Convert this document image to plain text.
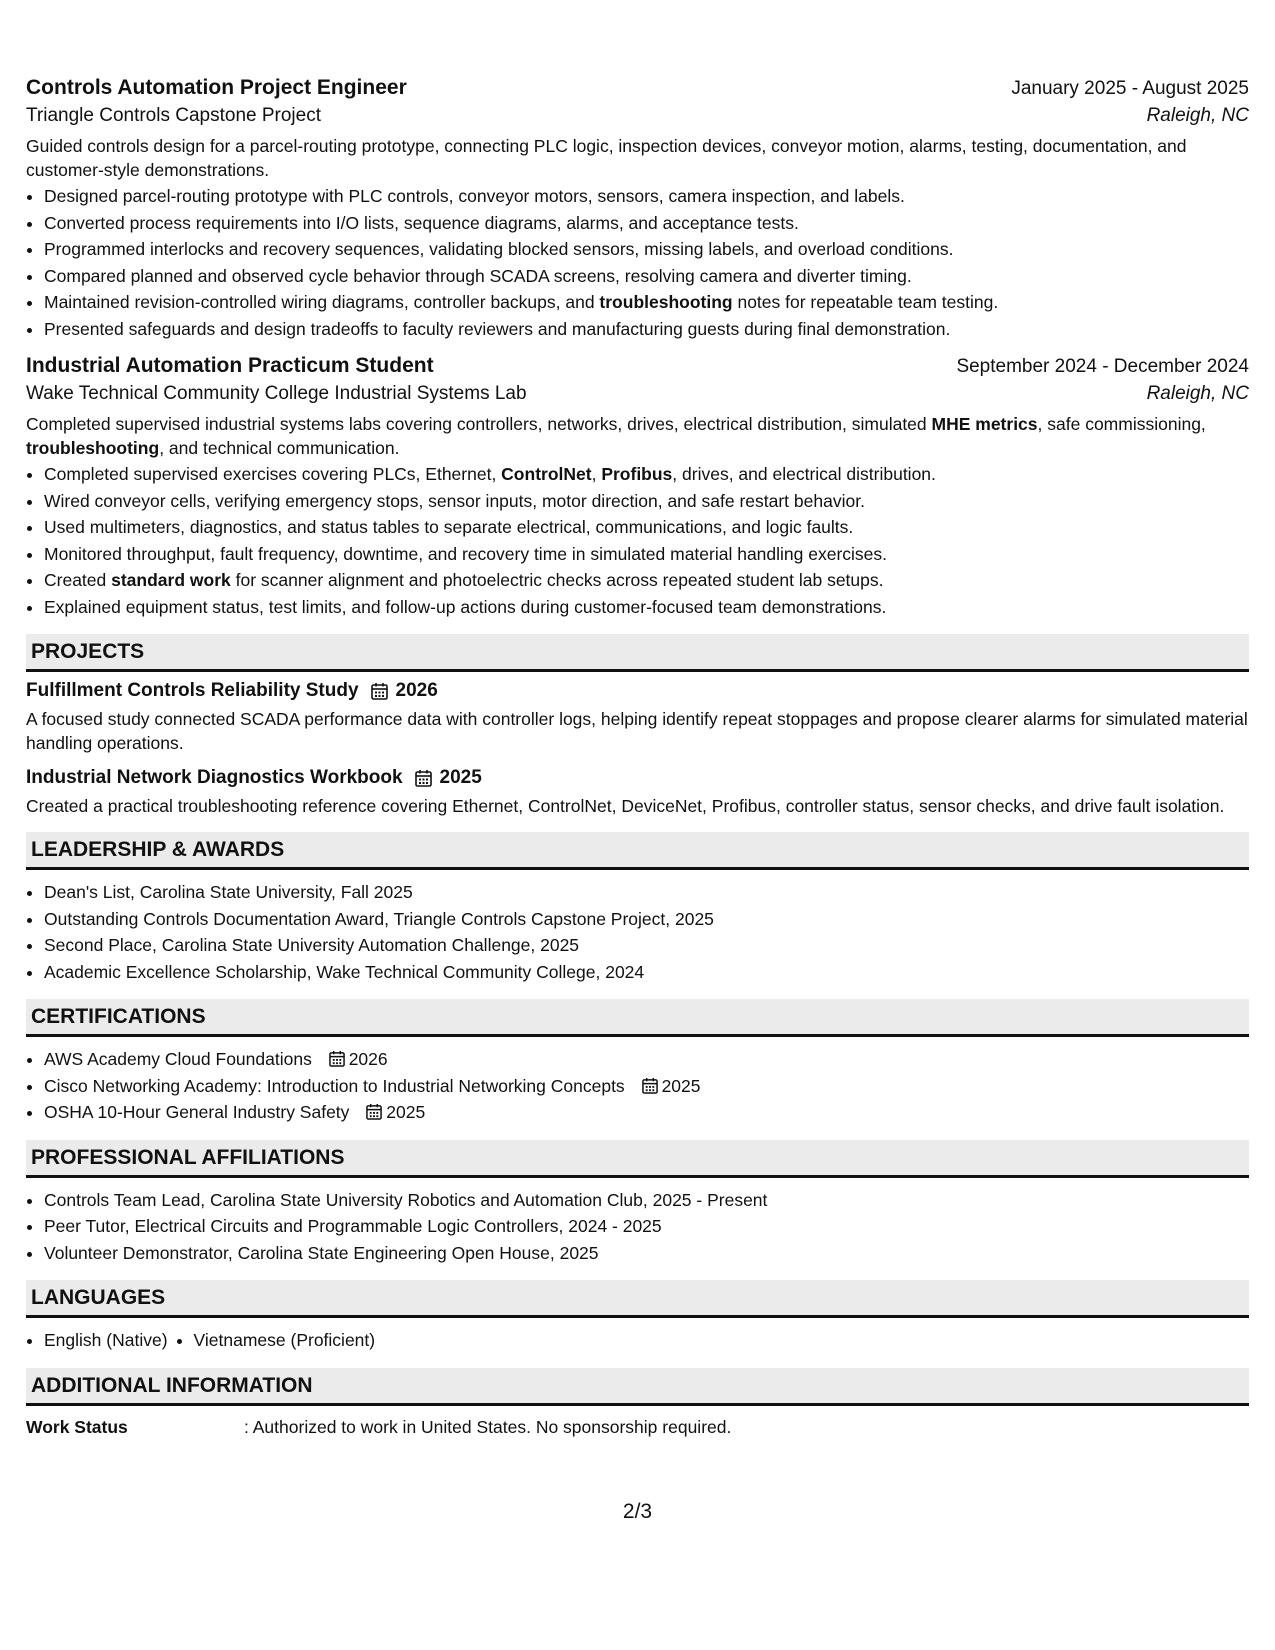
Controls Automation Project Engineer	January 2025 - August 2025
Triangle Controls Capstone Project	Raleigh, NC
Guided controls design for a parcel-routing prototype, connecting PLC logic, inspection devices, conveyor motion, alarms, testing, documentation, and customer-style demonstrations.
• Designed parcel-routing prototype with PLC controls, conveyor motors, sensors, camera inspection, and labels.
• Converted process requirements into I/O lists, sequence diagrams, alarms, and acceptance tests.
• Programmed interlocks and recovery sequences, validating blocked sensors, missing labels, and overload conditions.
• Compared planned and observed cycle behavior through SCADA screens, resolving camera and diverter timing.
• Maintained revision-controlled wiring diagrams, controller backups, and troubleshooting notes for repeatable team testing.
• Presented safeguards and design tradeoffs to faculty reviewers and manufacturing guests during final demonstration.
Industrial Automation Practicum Student	September 2024 - December 2024
Wake Technical Community College Industrial Systems Lab	Raleigh, NC
Completed supervised industrial systems labs covering controllers, networks, drives, electrical distribution, simulated MHE metrics, safe commissioning, troubleshooting, and technical communication.
• Completed supervised exercises covering PLCs, Ethernet, ControlNet, Profibus, drives, and electrical distribution.
• Wired conveyor cells, verifying emergency stops, sensor inputs, motor direction, and safe restart behavior.
• Used multimeters, diagnostics, and status tables to separate electrical, communications, and logic faults.
• Monitored throughput, fault frequency, downtime, and recovery time in simulated material handling exercises.
• Created standard work for scanner alignment and photoelectric checks across repeated student lab setups.
• Explained equipment status, test limits, and follow-up actions during customer-focused team demonstrations.
PROJECTS
Fulfillment Controls Reliability Study 2026
A focused study connected SCADA performance data with controller logs, helping identify repeat stoppages and propose clearer alarms for simulated material handling operations.
Industrial Network Diagnostics Workbook 2025
Created a practical troubleshooting reference covering Ethernet, ControlNet, DeviceNet, Profibus, controller status, sensor checks, and drive fault isolation.
LEADERSHIP & AWARDS
• Dean's List, Carolina State University, Fall 2025
• Outstanding Controls Documentation Award, Triangle Controls Capstone Project, 2025
• Second Place, Carolina State University Automation Challenge, 2025
• Academic Excellence Scholarship, Wake Technical Community College, 2024
CERTIFICATIONS
• AWS Academy Cloud Foundations 2026
• Cisco Networking Academy: Introduction to Industrial Networking Concepts 2025
• OSHA 10-Hour General Industry Safety 2025
PROFESSIONAL AFFILIATIONS
• Controls Team Lead, Carolina State University Robotics and Automation Club, 2025 - Present
• Peer Tutor, Electrical Circuits and Programmable Logic Controllers, 2024 - 2025
• Volunteer Demonstrator, Carolina State Engineering Open House, 2025
LANGUAGES
• English (Native)
• Vietnamese (Proficient)
ADDITIONAL INFORMATION
Work Status	: Authorized to work in United States. No sponsorship required.
2/3
